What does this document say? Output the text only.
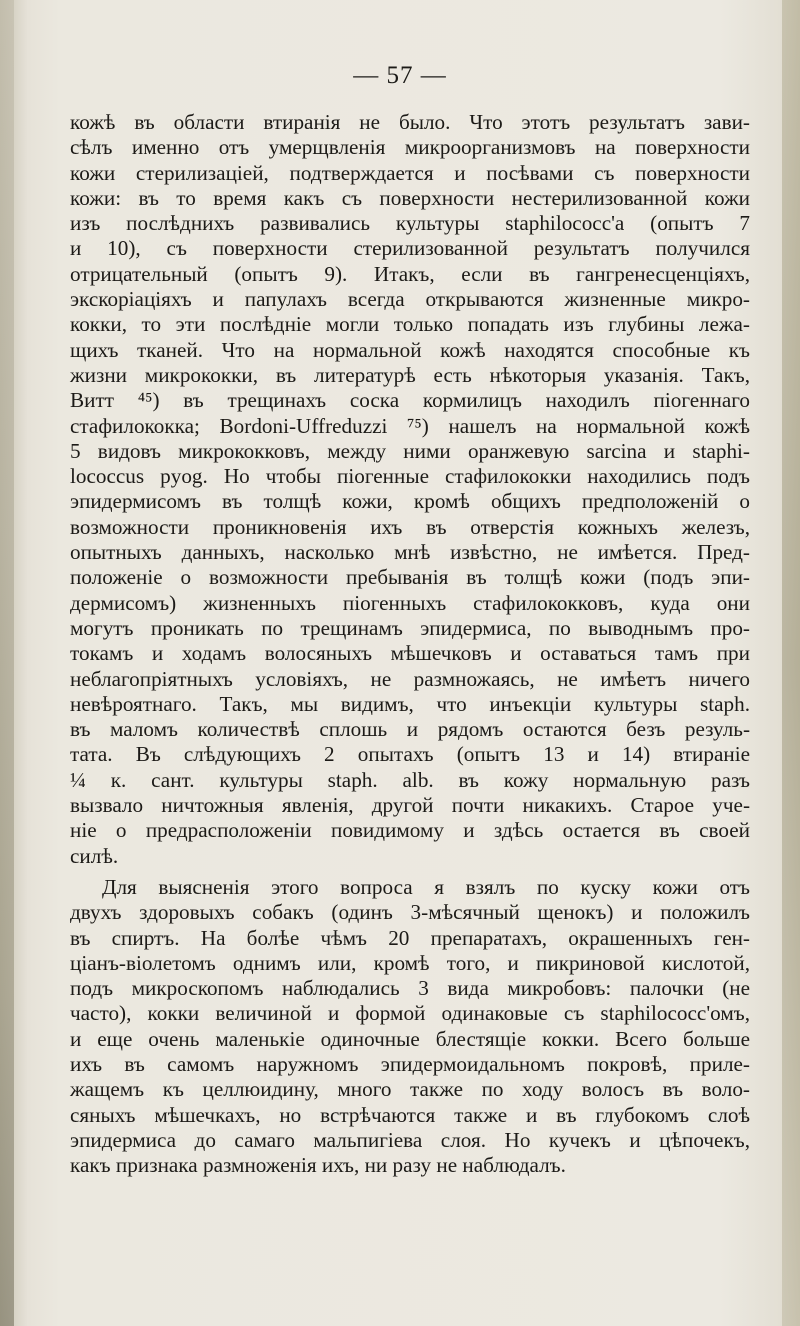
— 57 —
кожѣ въ области втиранія не было. Что этотъ результатъ зави-
сѣлъ именно отъ умерщвленія микроорганизмовъ на поверхности
кожи стерилизаціей, подтверждается и посѣвами съ поверхности
кожи: въ то время какъ съ поверхности нестерилизованной кожи
изъ послѣднихъ развивались культуры staphilococc'a (опытъ 7
и 10), съ поверхности стерилизованной результатъ получился
отрицательный (опытъ 9). Итакъ, если въ гангренесценціяхъ,
экскоріаціяхъ и папулахъ всегда открываются жизненные микро-
кокки, то эти послѣдніе могли только попадать изъ глубины лежа-
щихъ тканей. Что на нормальной кожѣ находятся способные къ
жизни микрококки, въ литературѣ есть нѣкоторыя указанія. Такъ,
Витт ⁴⁵) въ трещинахъ соска кормилицъ находилъ піогеннаго
стафилококка; Bordoni-Uffreduzzi ⁷⁵) нашелъ на нормальной кожѣ
5 видовъ микрококковъ, между ними оранжевую sarcina и staphi-
lococcus pyog. Но чтобы піогенные стафилококки находились подъ
эпидермисомъ въ толщѣ кожи, кромѣ общихъ предположеній о
возможности проникновенія ихъ въ отверстія кожныхъ железъ,
опытныхъ данныхъ, насколько мнѣ извѣстно, не имѣется. Пред-
положеніе о возможности пребыванія въ толщѣ кожи (подъ эпи-
дермисомъ) жизненныхъ піогенныхъ стафилококковъ, куда они
могутъ проникать по трещинамъ эпидермиса, по выводнымъ про-
токамъ и ходамъ волосяныхъ мѣшечковъ и оставаться тамъ при
неблагопріятныхъ условіяхъ, не размножаясь, не имѣетъ ничего
невѣроятнаго. Такъ, мы видимъ, что инъекціи культуры staph.
въ маломъ количествѣ сплошь и рядомъ остаются безъ резуль-
тата. Въ слѣдующихъ 2 опытахъ (опытъ 13 и 14) втираніе
¼ к. сант. культуры staph. alb. въ кожу нормальную разъ
вызвало ничтожныя явленія, другой почти никакихъ. Старое уче-
ніе о предрасположеніи повидимому и здѣсь остается въ своей
силѣ.
Для выясненія этого вопроса я взялъ по куску кожи отъ
двухъ здоровыхъ собакъ (одинъ 3-мѣсячный щенокъ) и положилъ
въ спиртъ. На болѣе чѣмъ 20 препаратахъ, окрашенныхъ ген-
ціанъ-віолетомъ однимъ или, кромѣ того, и пикриновой кислотой,
подъ микроскопомъ наблюдались 3 вида микробовъ: палочки (не
часто), кокки величиной и формой одинаковые съ staphilococc'омъ,
и еще очень маленькіе одиночные блестящіе кокки. Всего больше
ихъ въ самомъ наружномъ эпидермоидальномъ покровѣ, приле-
жащемъ къ целлюидину, много также по ходу волосъ въ воло-
сяныхъ мѣшечкахъ, но встрѣчаются также и въ глубокомъ слоѣ
эпидермиса до самаго мальпигіева слоя. Но кучекъ и цѣпочекъ,
какъ признака размноженія ихъ, ни разу не наблюдалъ.
